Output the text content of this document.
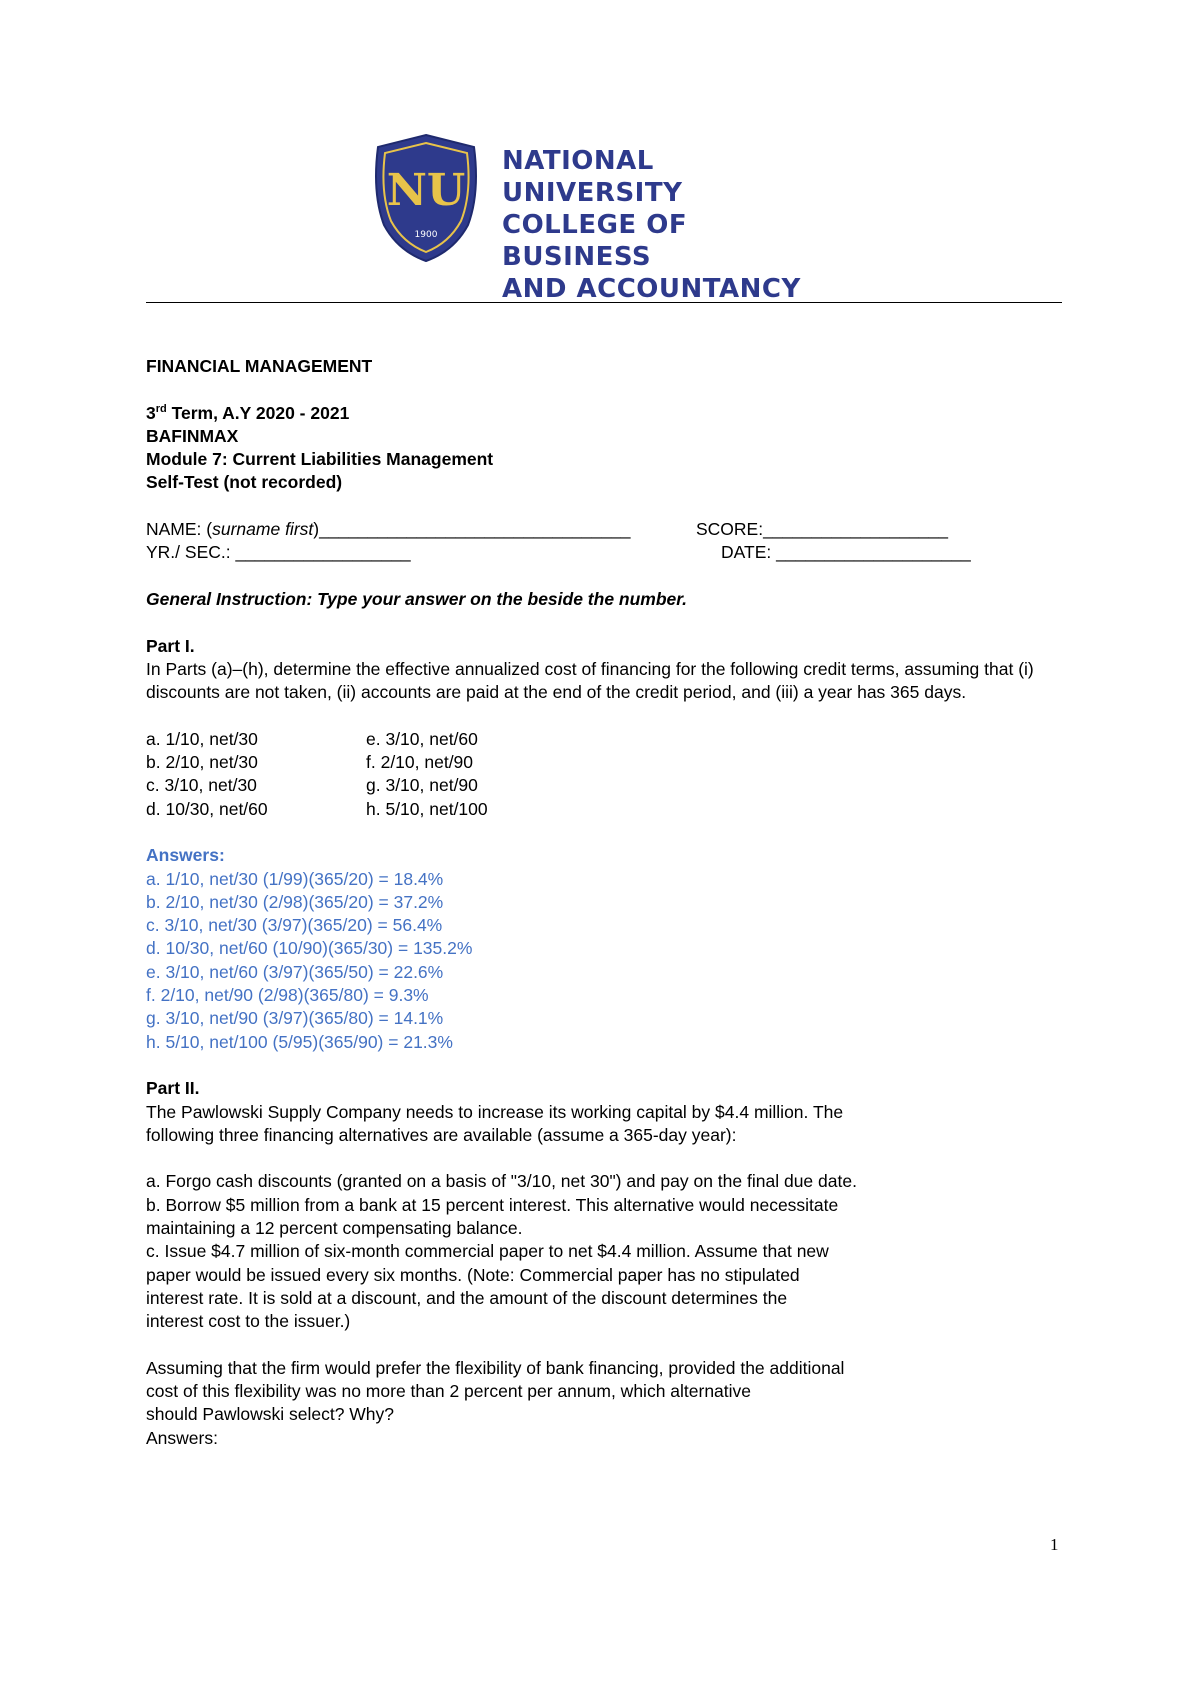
NU
1900
NATIONAL UNIVERSITY
COLLEGE OF BUSINESS
AND ACCOUNTANCY

FINANCIAL MANAGEMENT

3rd Term, A.Y 2020 - 2021

BAFINMAX

Module 7: Current Liabilities Management

Self-Test (not recorded)

NAME: (surname first)________________________________	SCORE:___________________
YR./ SEC.: __________________	DATE: ____________________

General Instruction: Type your answer on the beside the number.

Part I.

In Parts (a)–(h), determine the effective annualized cost of financing for the following credit terms, assuming that (i) discounts are not taken, (ii) accounts are paid at the end of the credit period, and (iii) a year has 365 days.

a. 1/10, net/30

b. 2/10, net/30

c. 3/10, net/30

d. 10/30, net/60

e. 3/10, net/60

f. 2/10, net/90

g. 3/10, net/90

h. 5/10, net/100

Answers:

a. 1/10, net/30 (1/99)(365/20) = 18.4%

b. 2/10, net/30 (2/98)(365/20) = 37.2%

c. 3/10, net/30 (3/97)(365/20) = 56.4%

d. 10/30, net/60 (10/90)(365/30) = 135.2%

e. 3/10, net/60 (3/97)(365/50) = 22.6%

f. 2/10, net/90 (2/98)(365/80) = 9.3%

g. 3/10, net/90 (3/97)(365/80) = 14.1%

h. 5/10, net/100 (5/95)(365/90) = 21.3%

Part II.

The Pawlowski Supply Company needs to increase its working capital by $4.4 million. The

following three financing alternatives are available (assume a 365-day year):

a. Forgo cash discounts (granted on a basis of "3/10, net 30") and pay on the final due date.

b. Borrow $5 million from a bank at 15 percent interest. This alternative would necessitate

maintaining a 12 percent compensating balance.

c. Issue $4.7 million of six-month commercial paper to net $4.4 million. Assume that new

paper would be issued every six months. (Note: Commercial paper has no stipulated

interest rate. It is sold at a discount, and the amount of the discount determines the

interest cost to the issuer.)

Assuming that the firm would prefer the flexibility of bank financing, provided the additional

cost of this flexibility was no more than 2 percent per annum, which alternative

should Pawlowski select? Why?

Answers:

1
